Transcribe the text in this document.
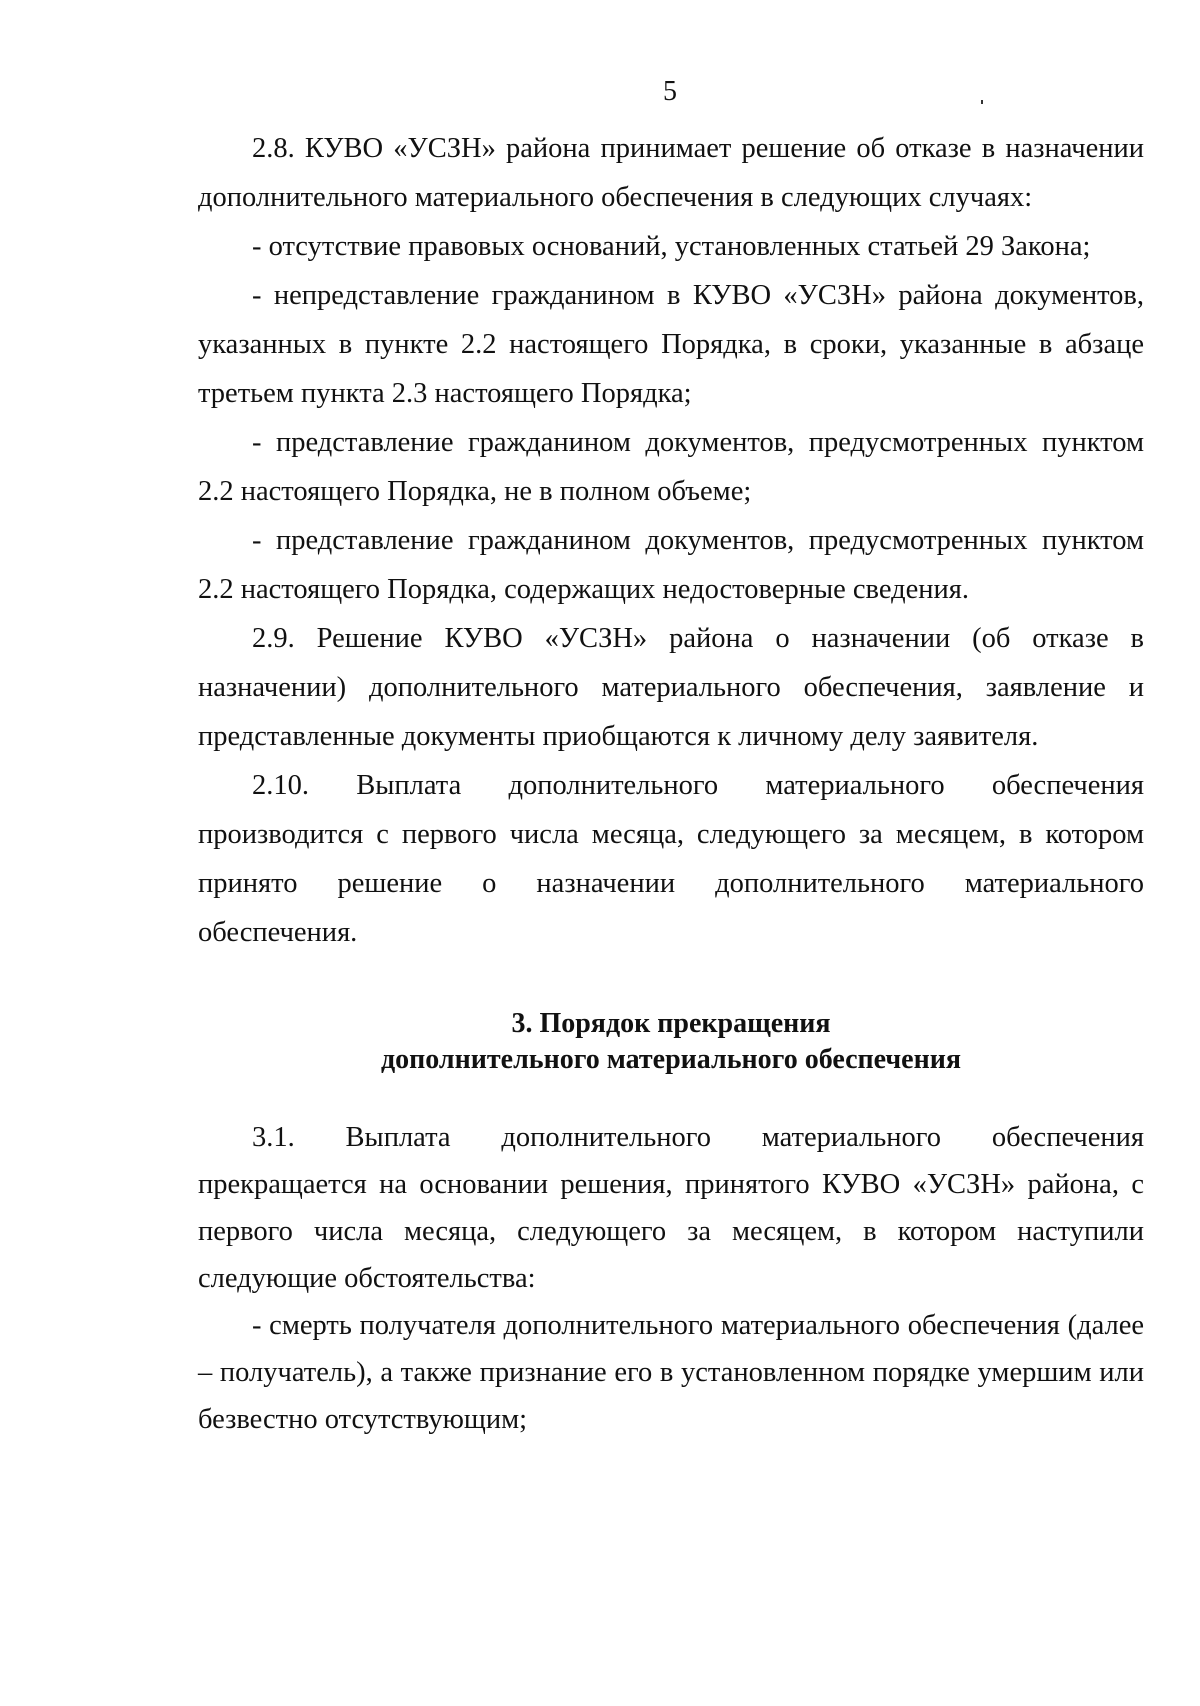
5

2.8. КУВО «УСЗН» района принимает решение об отказе в назначении дополнительного материального обеспечения в следующих случаях:

- отсутствие правовых оснований, установленных статьей 29 Закона;

- непредставление гражданином в КУВО «УСЗН» района документов, указанных в пункте 2.2 настоящего Порядка, в сроки, указанные в абзаце третьем пункта 2.3 настоящего Порядка;

- представление гражданином документов, предусмотренных пунктом 2.2 настоящего Порядка, не в полном объеме;

- представление гражданином документов, предусмотренных пунктом 2.2 настоящего Порядка, содержащих недостоверные сведения.

2.9. Решение КУВО «УСЗН» района о назначении (об отказе в назначении) дополнительного материального обеспечения, заявление и представленные документы приобщаются к личному делу заявителя.

2.10. Выплата дополнительного материального обеспечения
производится с первого числа месяца, следующего за месяцем, в котором
принято решение о назначении дополнительного материального
обеспечения.
3. Порядок прекращения
дополнительного материального обеспечения

3.1. Выплата дополнительного материального обеспечения прекращается на основании решения, принятого КУВО «УСЗН» района, с первого числа месяца, следующего за месяцем, в котором наступили следующие обстоятельства:

- смерть получателя дополнительного материального обеспечения (далее – получатель), а также признание его в установленном порядке умершим или безвестно отсутствующим;
